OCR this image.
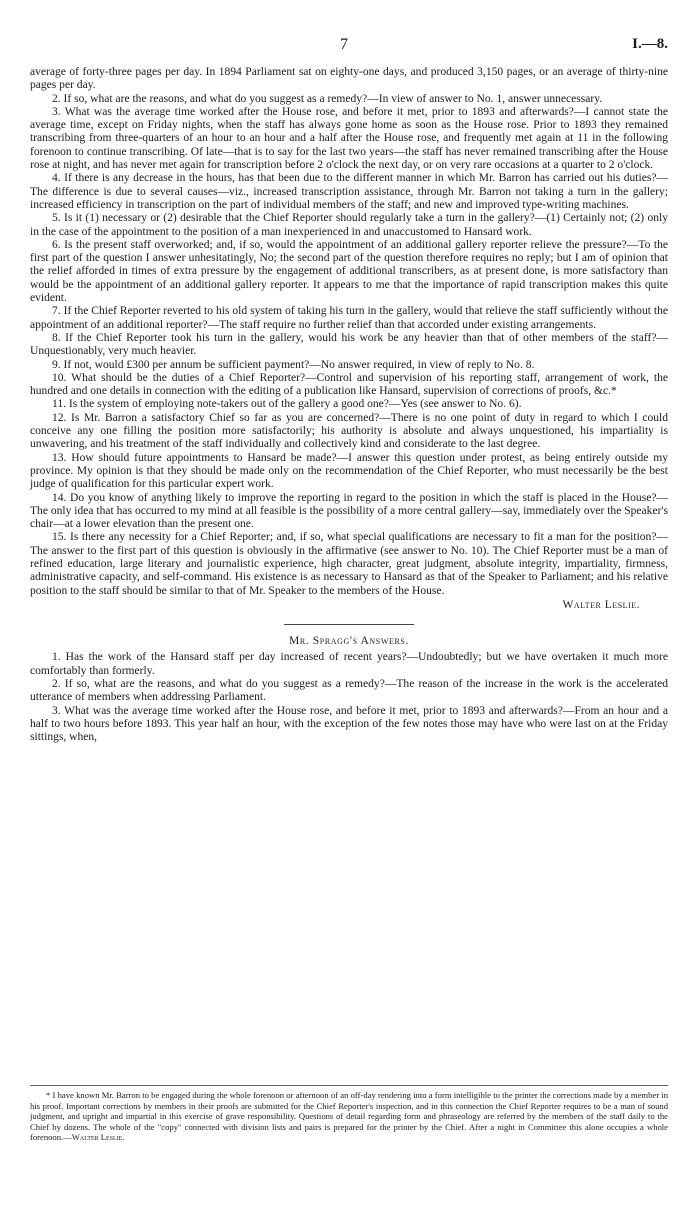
7	I.—8.

average of forty-three pages per day. In 1894 Parliament sat on eighty-one days, and produced 3,150 pages, or an average of thirty-nine pages per day.

2. If so, what are the reasons, and what do you suggest as a remedy?—In view of answer to No. 1, answer unnecessary.

3. What was the average time worked after the House rose, and before it met, prior to 1893 and afterwards?—I cannot state the average time, except on Friday nights, when the staff has always gone home as soon as the House rose. Prior to 1893 they remained transcribing from three-quarters of an hour to an hour and a half after the House rose, and frequently met again at 11 in the following forenoon to continue transcribing. Of late—that is to say for the last two years—the staff has never remained transcribing after the House rose at night, and has never met again for transcription before 2 o'clock the next day, or on very rare occasions at a quarter to 2 o'clock.

4. If there is any decrease in the hours, has that been due to the different manner in which Mr. Barron has carried out his duties?—The difference is due to several causes—viz., increased transcription assistance, through Mr. Barron not taking a turn in the gallery; increased efficiency in transcription on the part of individual members of the staff; and new and improved type-writing machines.

5. Is it (1) necessary or (2) desirable that the Chief Reporter should regularly take a turn in the gallery?—(1) Certainly not; (2) only in the case of the appointment to the position of a man inexperienced in and unaccustomed to Hansard work.

6. Is the present staff overworked; and, if so, would the appointment of an additional gallery reporter relieve the pressure?—To the first part of the question I answer unhesitatingly, No; the second part of the question therefore requires no reply; but I am of opinion that the relief afforded in times of extra pressure by the engagement of additional transcribers, as at present done, is more satisfactory than would be the appointment of an additional gallery reporter. It appears to me that the importance of rapid transcription makes this quite evident.

7. If the Chief Reporter reverted to his old system of taking his turn in the gallery, would that relieve the staff sufficiently without the appointment of an additional reporter?—The staff require no further relief than that accorded under existing arrangements.

8. If the Chief Reporter took his turn in the gallery, would his work be any heavier than that of other members of the staff?—Unquestionably, very much heavier.

9. If not, would £300 per annum be sufficient payment?—No answer required, in view of reply to No. 8.

10. What should be the duties of a Chief Reporter?—Control and supervision of his reporting staff, arrangement of work, the hundred and one details in connection with the editing of a publication like Hansard, supervision of corrections of proofs, &c.*

11. Is the system of employing note-takers out of the gallery a good one?—Yes (see answer to No. 6).

12. Is Mr. Barron a satisfactory Chief so far as you are concerned?—There is no one point of duty in regard to which I could conceive any one filling the position more satisfactorily; his authority is absolute and always unquestioned, his impartiality is unwavering, and his treatment of the staff individually and collectively kind and considerate to the last degree.

13. How should future appointments to Hansard be made?—I answer this question under protest, as being entirely outside my province. My opinion is that they should be made only on the recommendation of the Chief Reporter, who must necessarily be the best judge of qualification for this particular expert work.

14. Do you know of anything likely to improve the reporting in regard to the position in which the staff is placed in the House?—The only idea that has occurred to my mind at all feasible is the possibility of a more central gallery—say, immediately over the Speaker's chair—at a lower elevation than the present one.

15. Is there any necessity for a Chief Reporter; and, if so, what special qualifications are necessary to fit a man for the position?—The answer to the first part of this question is obviously in the affirmative (see answer to No. 10). The Chief Reporter must be a man of refined education, large literary and journalistic experience, high character, great judgment, absolute integrity, impartiality, firmness, administrative capacity, and self-command. His existence is as necessary to Hansard as that of the Speaker to Parliament; and his relative position to the staff should be similar to that of Mr. Speaker to the members of the House.

Walter Leslie.
Mr. Spragg's Answers.

1. Has the work of the Hansard staff per day increased of recent years?—Undoubtedly; but we have overtaken it much more comfortably than formerly.

2. If so, what are the reasons, and what do you suggest as a remedy?—The reason of the increase in the work is the accelerated utterance of members when addressing Parliament.

3. What was the average time worked after the House rose, and before it met, prior to 1893 and afterwards?—From an hour and a half to two hours before 1893. This year half an hour, with the exception of the few notes those may have who were last on at the Friday sittings, when,

* I have known Mr. Barron to be engaged during the whole forenoon or afternoon of an off-day rendering into a form intelligible to the printer the corrections made by a member in his proof. Important corrections by members in their proofs are submitted for the Chief Reporter's inspection, and in this connection the Chief Reporter requires to be a man of sound judgment, and upright and impartial in this exercise of grave responsibility. Questions of detail regarding form and phraseology are referred by the members of the staff daily to the Chief by dozens. The whole of the "copy" connected with division lists and pairs is prepared for the printer by the Chief. After a night in Committee this alone occupies a whole forenoon.—Walter Leslie.
